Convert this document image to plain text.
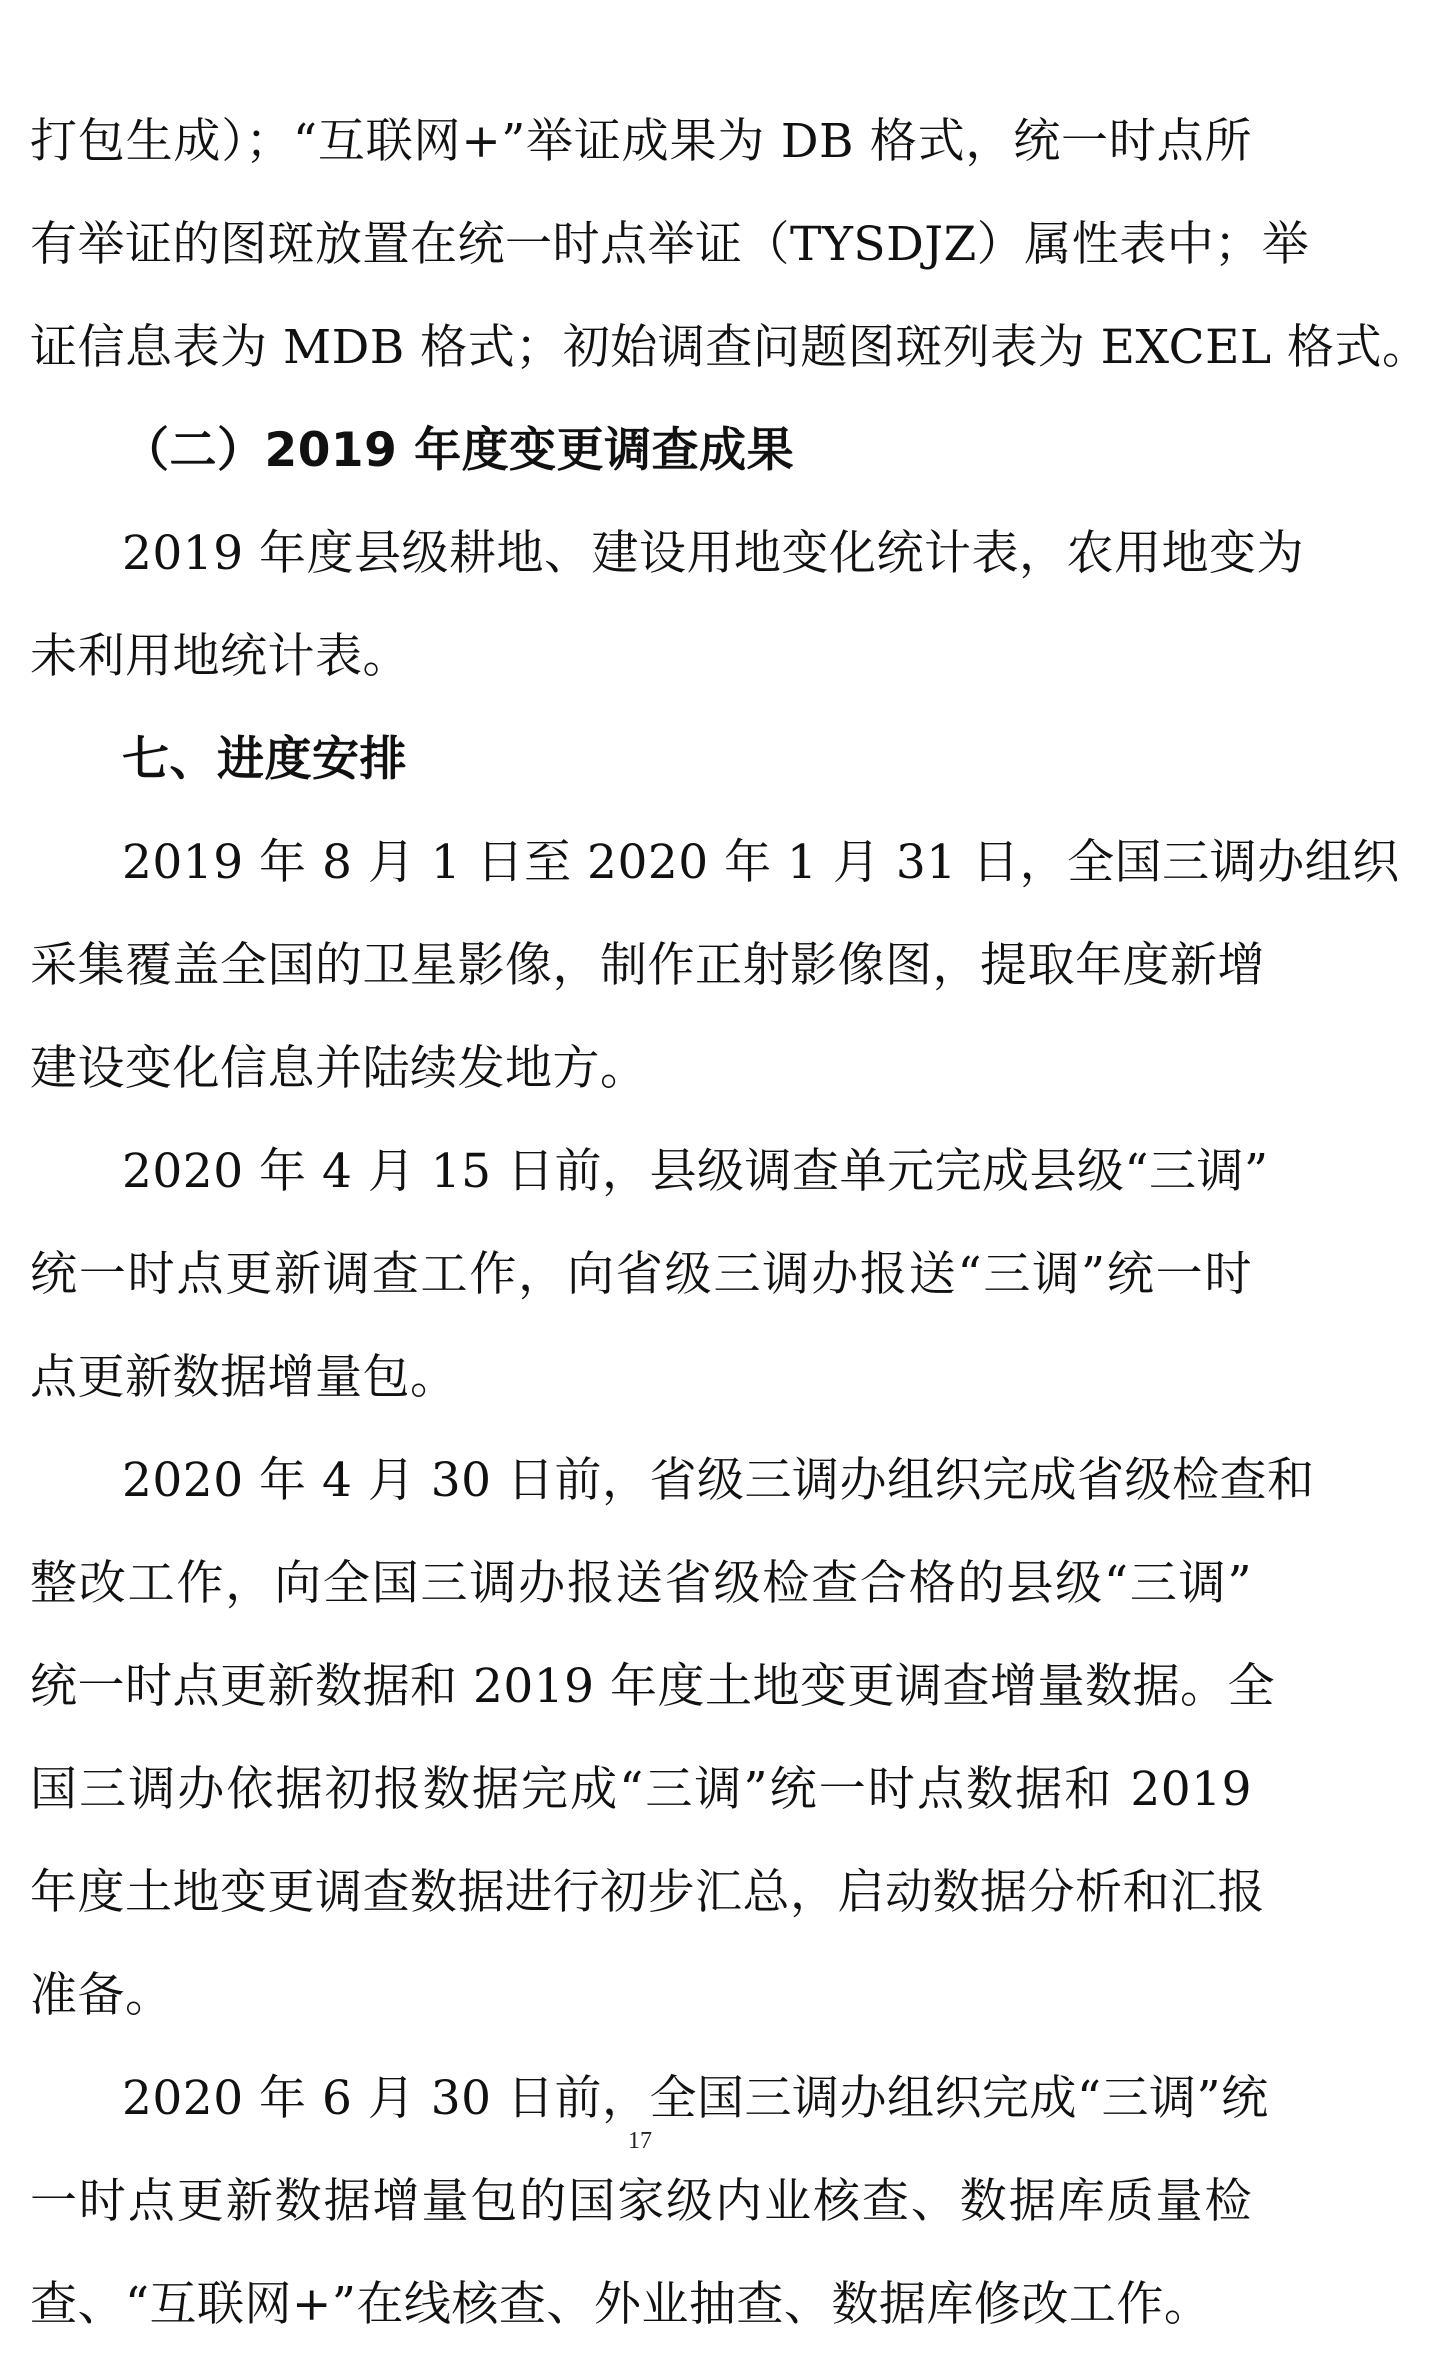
打包生成）；“互联网+”举证成果为 DB 格式，统一时点所
有举证的图斑放置在统一时点举证（TYSDJZ）属性表中；举
证信息表为 MDB 格式；初始调查问题图斑列表为 EXCEL 格式。
（二）2019 年度变更调查成果
2019 年度县级耕地、建设用地变化统计表，农用地变为
未利用地统计表。
七、进度安排
2019 年 8 月 1 日至 2020 年 1 月 31 日，全国三调办组织
采集覆盖全国的卫星影像，制作正射影像图，提取年度新增
建设变化信息并陆续发地方。
2020 年 4 月 15 日前，县级调查单元完成县级“三调”
统一时点更新调查工作，向省级三调办报送“三调”统一时
点更新数据增量包。
2020 年 4 月 30 日前，省级三调办组织完成省级检查和
整改工作，向全国三调办报送省级检查合格的县级“三调”
统一时点更新数据和 2019 年度土地变更调查增量数据。全
国三调办依据初报数据完成“三调”统一时点数据和 2019
年度土地变更调查数据进行初步汇总，启动数据分析和汇报
准备。
2020 年 6 月 30 日前，全国三调办组织完成“三调”统
一时点更新数据增量包的国家级内业核查、数据库质量检
查、“互联网+”在线核查、外业抽查、数据库修改工作。
17
